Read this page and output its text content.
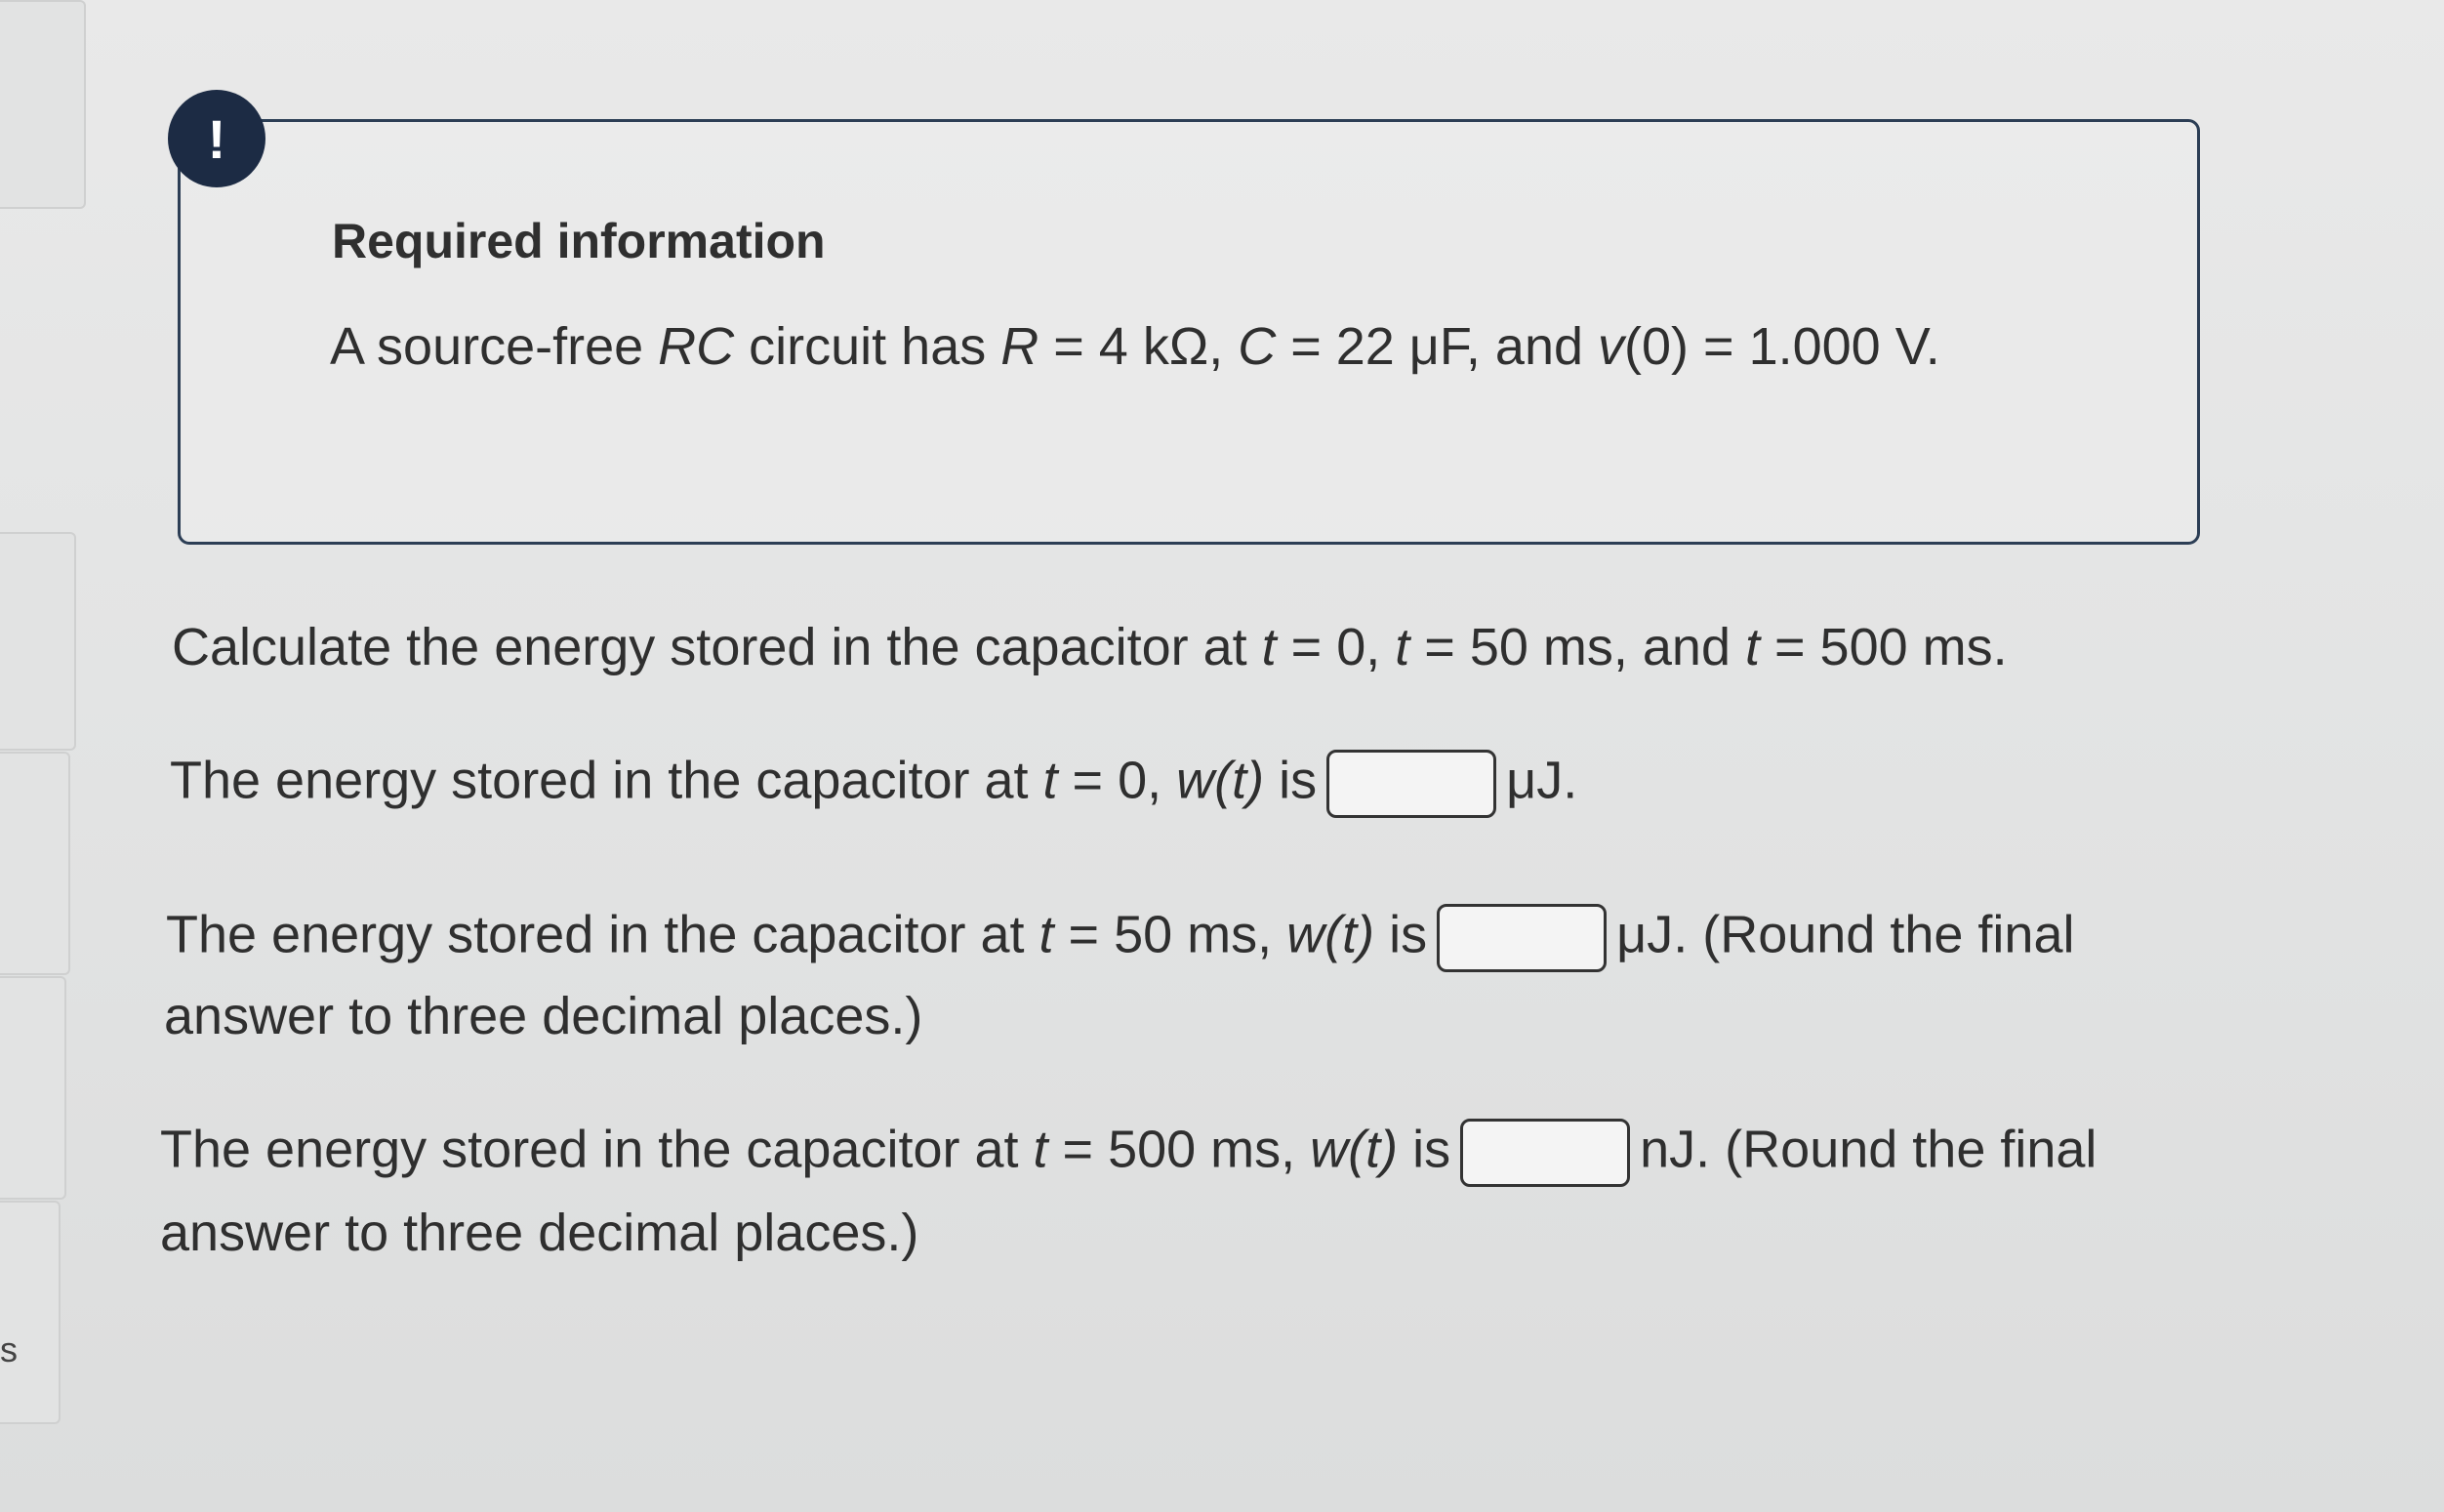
s
!
Required information
A source-free RC circuit has R = 4 kΩ, C = 22 μF, and v(0) = 1.000 V.
Calculate the energy stored in the capacitor at t = 0, t = 50 ms, and t = 500 ms.
The energy stored in the capacitor at t = 0, w(t) is	μJ.
The energy stored in the capacitor at t = 50 ms, w(t) is	μJ. (Round the final
answer to three decimal places.)
The energy stored in the capacitor at t = 500 ms, w(t) is	nJ. (Round the final
answer to three decimal places.)
